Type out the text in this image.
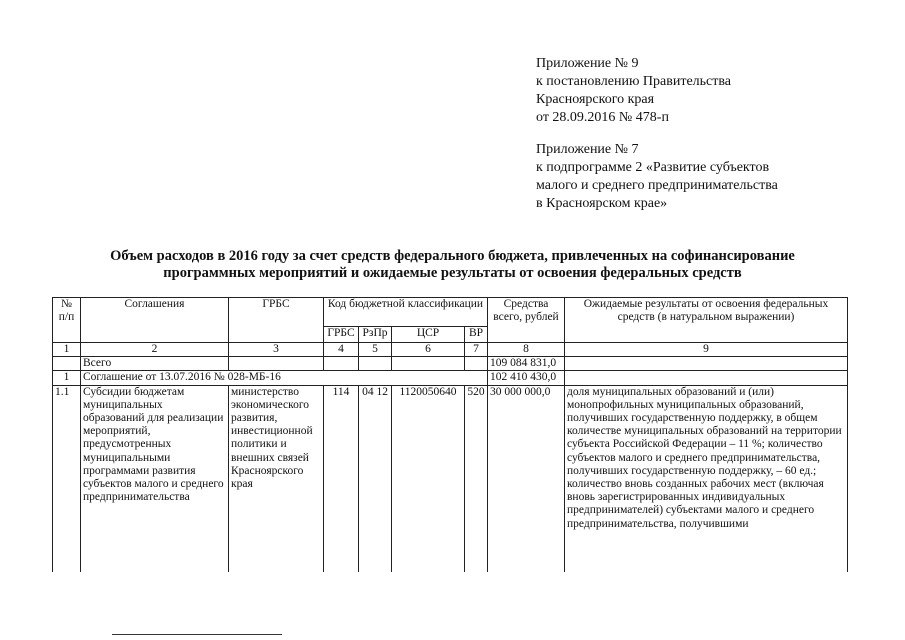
Приложение № 9
к постановлению Правительства
Красноярского края
от 28.09.2016 № 478-п
Приложение № 7
к подпрограмме 2 «Развитие субъектов
малого и среднего предпринимательства
в Красноярском крае»
Объем расходов в 2016 году за счет средств федерального бюджета, привлеченных на софинансирование
программных мероприятий и ожидаемые результаты от освоения федеральных средств
№ п/п	Соглашения	ГРБС	Код бюджетной классификации				Средства всего, рублей	Ожидаемые результаты от освоения федеральных средств (в натуральном выражении)
			ГРБС	РзПр	ЦСР	ВР		
1	2	3	4	5	6	7	8	9
	Всего						109 084 831,0	
1	Соглашение от 13.07.2016 № 028-МБ-16						102 410 430,0	
1.1	Субсидии бюджетам муниципальных образований для реализации мероприятий, предусмотренных муниципальными программами развития субъектов малого и среднего предпринимательства	министерство экономического развития, инвестиционной политики и внешних связей Красноярского края	114	04 12	1120050640	520	30 000 000,0	доля муниципальных образований и (или) монопрофильных муниципальных образований, получивших государственную поддержку, в общем количестве муниципальных образований на территории субъекта Российской Федерации – 11 %; количество субъектов малого и среднего предпринимательства, получивших государственную поддержку, – 60 ед.; количество вновь созданных рабочих мест (включая вновь зарегистрированных индивидуальных предпринимателей) субъектами малого и среднего предпринимательства, получившими
